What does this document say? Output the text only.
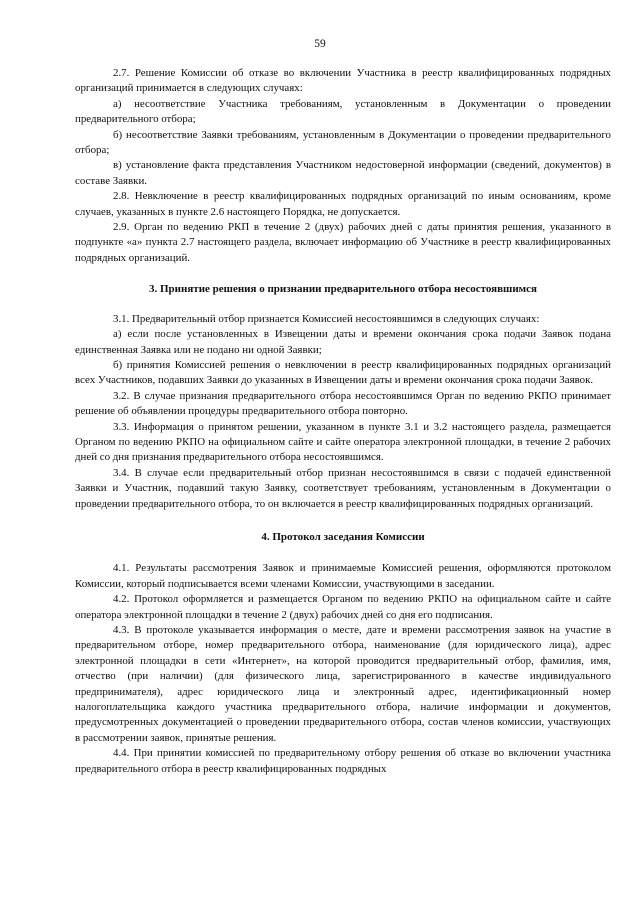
59

2.7. Решение Комиссии об отказе во включении Участника в реестр квалифицированных подрядных организаций принимается в следующих случаях:

а) несоответствие Участника требованиям, установленным в Документации о проведении предварительного отбора;

б) несоответствие Заявки требованиям, установленным в Документации о проведении предварительного отбора;

в) установление факта представления Участником недостоверной информации (сведений, документов) в составе Заявки.

2.8. Невключение в реестр квалифицированных подрядных организаций по иным основаниям, кроме случаев, указанных в пункте 2.6 настоящего Порядка, не допускается.

2.9. Орган по ведению РКП в течение 2 (двух) рабочих дней с даты принятия решения, указанного в подпункте «а» пункта 2.7 настоящего раздела, включает информацию об Участнике в реестр квалифицированных подрядных организаций.

3. Принятие решения о признании предварительного отбора несостоявшимся

3.1. Предварительный отбор признается Комиссией несостоявшимся в следующих случаях:

а) если после установленных в Извещении даты и времени окончания срока подачи Заявок подана единственная Заявка или не подано ни одной Заявки;

б) принятия Комиссией решения о невключении в реестр квалифицированных подрядных организаций всех Участников, подавших Заявки до указанных в Извещении даты и времени окончания срока подачи Заявок.

3.2. В случае признания предварительного отбора несостоявшимся Орган по ведению РКПО принимает решение об объявлении процедуры предварительного отбора повторно.

3.3. Информация о принятом решении, указанном в пункте 3.1 и 3.2 настоящего раздела, размещается Органом по ведению РКПО на официальном сайте и сайте оператора электронной площадки, в течение 2 рабочих дней со дня признания предварительного отбора несостоявшимся.

3.4. В случае если предварительный отбор признан несостоявшимся в связи с подачей единственной Заявки и Участник, подавший такую Заявку, соответствует требованиям, установленным в Документации о проведении предварительного отбора, то он включается в реестр квалифицированных подрядных организаций.

4. Протокол заседания Комиссии

4.1. Результаты рассмотрения Заявок и принимаемые Комиссией решения, оформляются протоколом Комиссии, который подписывается всеми членами Комиссии, участвующими в заседании.

4.2. Протокол оформляется и размещается Органом по ведению РКПО на официальном сайте и сайте оператора электронной площадки в течение 2 (двух) рабочих дней со дня его подписания.

4.3. В протоколе указывается информация о месте, дате и времени рассмотрения заявок на участие в предварительном отборе, номер предварительного отбора, наименование (для юридического лица), адрес электронной площадки в сети «Интернет», на которой проводится предварительный отбор, фамилия, имя, отчество (при наличии) (для физического лица, зарегистрированного в качестве индивидуального предпринимателя), адрес юридического лица и электронный адрес, идентификационный номер налогоплательщика каждого участника предварительного отбора, наличие информации и документов, предусмотренных документацией о проведении предварительного отбора, состав членов комиссии, участвующих в рассмотрении заявок, принятые решения.

4.4. При принятии комиссией по предварительному отбору решения об отказе во включении участника предварительного отбора в реестр квалифицированных подрядных
